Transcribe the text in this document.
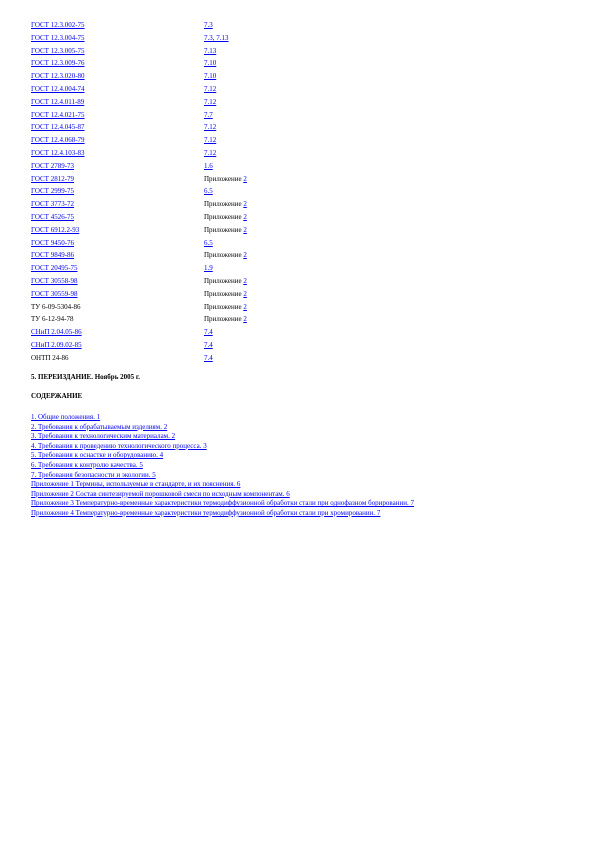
ГОСТ 12.3.002-75	7.3
ГОСТ 12.3.004-75	7.3, 7.13
ГОСТ 12.3.005-75	7.13
ГОСТ 12.3.009-76	7.10
ГОСТ 12.3.020-80	7.10
ГОСТ 12.4.004-74	7.12
ГОСТ 12.4.011-89	7.12
ГОСТ 12.4.021-75	7.7
ГОСТ 12.4.045-87	7.12
ГОСТ 12.4.068-79	7.12
ГОСТ 12.4.103-83	7.12
ГОСТ 2789-73	1.6
ГОСТ 2812-79	Приложение 2
ГОСТ 2999-75	6.5
ГОСТ 3773-72	Приложение 2
ГОСТ 4526-75	Приложение 2
ГОСТ 6912.2-93	Приложение 2
ГОСТ 9450-76	6.5
ГОСТ 9849-86	Приложение 2
ГОСТ 20495-75	1.9
ГОСТ 30558-98	Приложение 2
ГОСТ 30559-98	Приложение 2
ТУ 6-09-5304-86	Приложение 2
ТУ 6-12-94-78	Приложение 2
СНиП 2.04.05-86	7.4
СНиП 2.09.02-85	7.4
ОНТП 24-86	7.4
5. ПЕРЕИЗДАНИЕ. Ноябрь 2005 г.
СОДЕРЖАНИЕ
1. Общие положения. 1
2. Требования к обрабатываемым изделиям. 2
3. Требования к технологическим материалам. 2
4. Требования к проведению технологического процесса. 3
5. Требования к оснастке и оборудованию. 4
6. Требования к контролю качества. 5
7. Требования безопасности и экологии. 5
Приложение 1 Термины, используемые в стандарте, и их пояснения. 6
Приложение 2 Состав синтезируемой порошковой смеси по исходным компонентам. 6
Приложение 3 Температурно-временные характеристики термодиффузионной обработки стали при однофазном борировании. 7
Приложение 4 Температурно-временные характеристики термодиффузионной обработки стали при хромировании. 7
